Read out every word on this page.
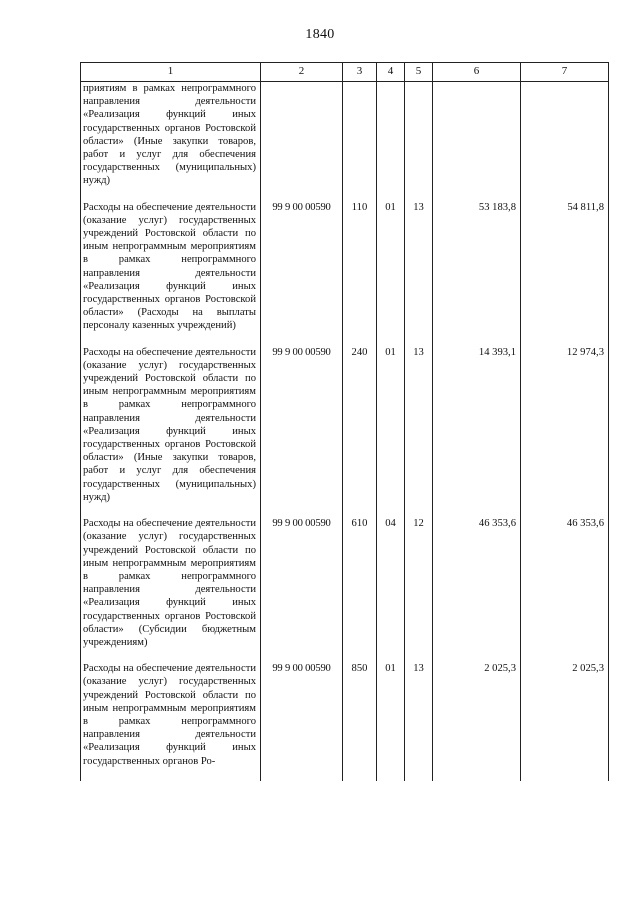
1840
1	2	3	4	5	6	7
приятиям в рамках непрограммного направления деятельности «Реализация функций иных государственных органов Ростовской области» (Иные закупки товаров, работ и услуг для обеспечения государственных (муниципальных) нужд)						
Расходы на обеспечение деятельности (оказание услуг) государственных учреждений Ростовской области по иным непрограммным мероприятиям в рамках непрограммного направления деятельности «Реализация функций иных государственных органов Ростовской области» (Расходы на выплаты персоналу казенных учреждений)	99 9 00 00590	110	01	13	53 183,8	54 811,8
Расходы на обеспечение деятельности (оказание услуг) государственных учреждений Ростовской области по иным непрограммным мероприятиям в рамках непрограммного направления деятельности «Реализация функций иных государственных органов Ростовской области» (Иные закупки товаров, работ и услуг для обеспечения государственных (муниципальных) нужд)	99 9 00 00590	240	01	13	14 393,1	12 974,3
Расходы на обеспечение деятельности (оказание услуг) государственных учреждений Ростовской области по иным непрограммным мероприятиям в рамках непрограммного направления деятельности «Реализация функций иных государственных органов Ростовской области» (Субсидии бюджетным учреждениям)	99 9 00 00590	610	04	12	46 353,6	46 353,6
Расходы на обеспечение деятельности (оказание услуг) государственных учреждений Ростовской области по иным непрограммным мероприятиям в рамках непрограммного направления деятельности «Реализация функций иных государственных органов Ро-	99 9 00 00590	850	01	13	2 025,3	2 025,3
